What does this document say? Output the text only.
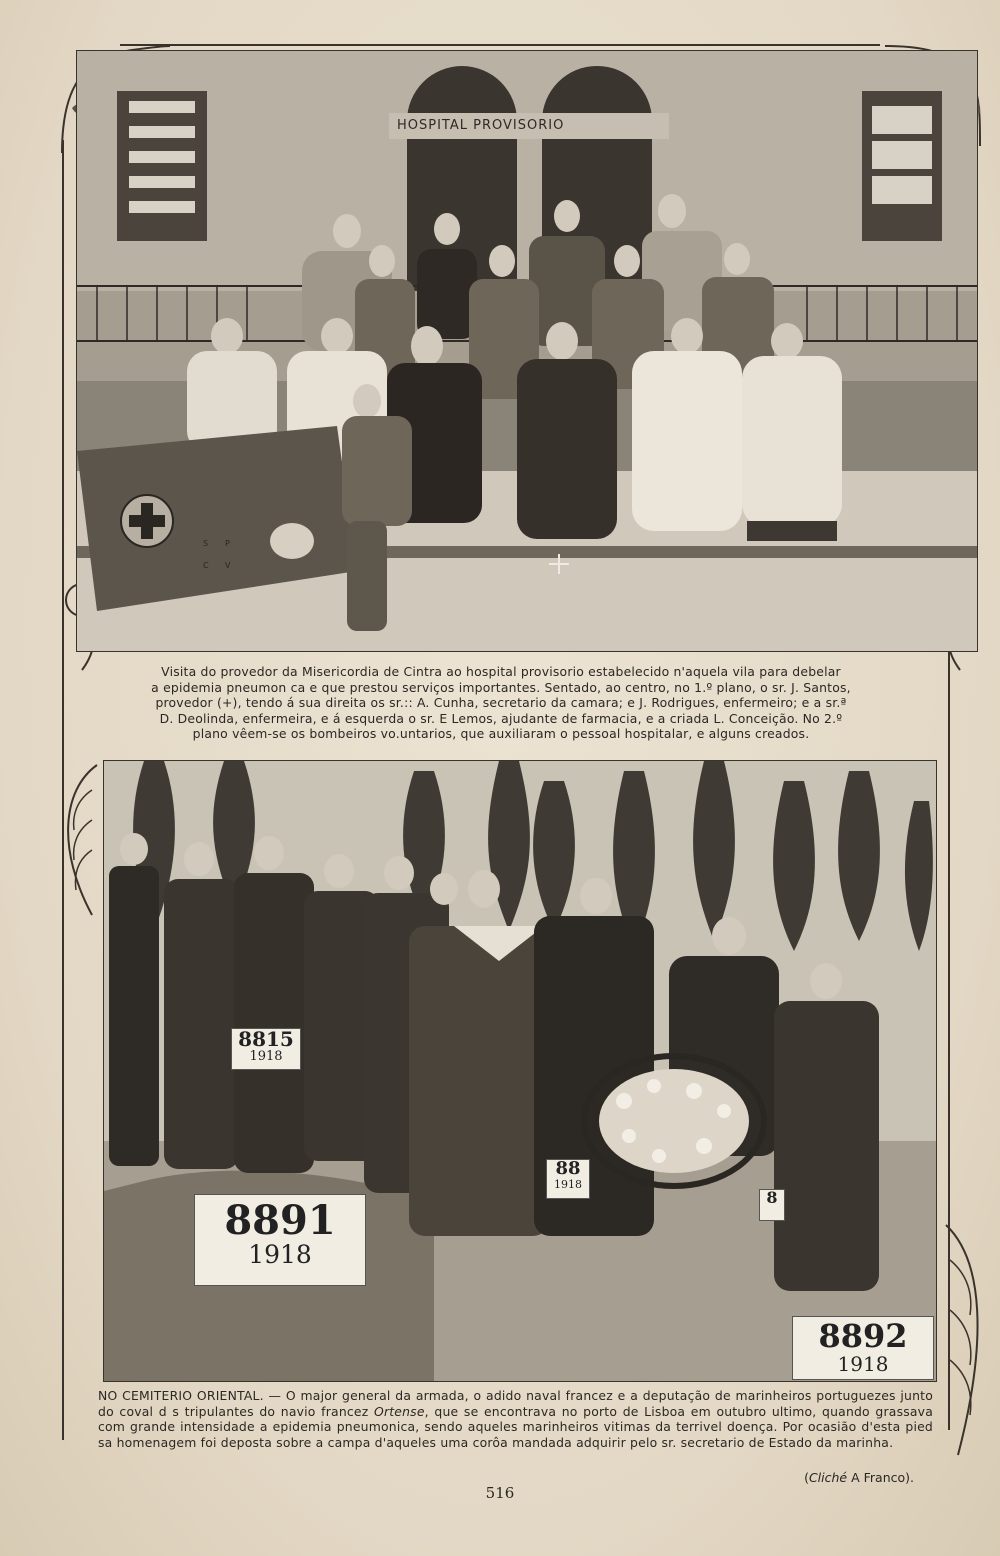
HOSPITAL PROVISORIO
S P
C V

Visita do provedor da Misericordia de Cintra ao hospital provisorio estabelecido n'aquela vila para debelar

a epidemia pneumon ca e que prestou serviços importantes. Sentado, ao centro, no 1.º plano, o sr. J. Santos,

provedor (+), tendo á sua direita os sr.:: A. Cunha, secretario da camara; e J. Rodrigues, enfermeiro; e a sr.ª

D. Deolinda, enfermeira, e á esquerda o sr. E Lemos, ajudante de farmacia, e a criada L. Conceição. No 2.º

plano vêem-se os bombeiros vo.untarios, que auxiliaram o pessoal hospitalar, e alguns creados.

8815
1918
8891
1918
8892
1918
88
1918
8
NO CEMITERIO ORIENTAL. — O major general da armada, o adido naval francez e a deputação de marinheiros portuguezes junto do coval d s tripulantes do navio francez Ortense, que se encontrava no porto de Lisboa em outubro ultimo, quando grassava com grande intensidade a epidemia pneumonica, sendo aqueles marinheiros vitimas da terrivel doença. Por ocasião d'esta pied sa homenagem foi deposta sobre a campa d'aqueles uma corôa mandada adquirir pelo sr. secretario de Estado da marinha.
(Cliché A Franco).
516
